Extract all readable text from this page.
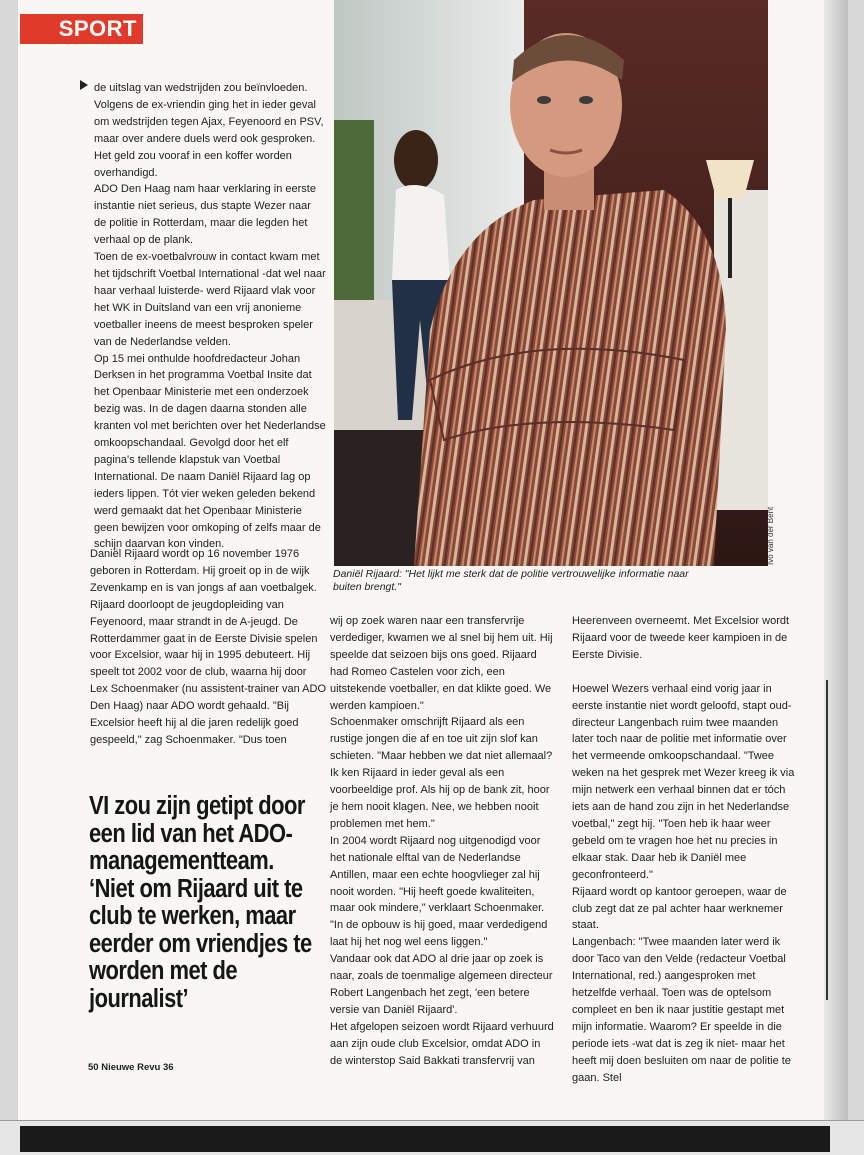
SPORT

de uitslag van wedstrijden zou beïnvloeden. Volgens de ex-vriendin ging het in ieder geval om wedstrijden tegen Ajax, Feyenoord en PSV, maar over andere duels werd ook gesproken. Het geld zou vooraf in een koffer worden overhandigd.

ADO Den Haag nam haar verklaring in eerste instantie niet serieus, dus stapte Wezer naar de politie in Rotterdam, maar die legden het verhaal op de plank.

Toen de ex-voetbalvrouw in contact kwam met het tijdschrift Voetbal International -dat wel naar haar verhaal luisterde- werd Rijaard vlak voor het WK in Duitsland van een vrij anonieme voetballer ineens de meest besproken speler van de Nederlandse velden.

Op 15 mei onthulde hoofdredacteur Johan Derksen in het programma Voetbal Insite dat het Openbaar Ministerie met een onderzoek bezig was. In de dagen daarna stonden alle kranten vol met berichten over het Nederlandse omkoopschandaal. Gevolgd door het elf pagina's tellende klapstuk van Voetbal International. De naam Daniël Rijaard lag op ieders lippen. Tót vier weken geleden bekend werd gemaakt dat het Openbaar Ministerie geen bewijzen voor omkoping of zelfs maar de schijn daarvan kon vinden.

Daniël Rijaard wordt op 16 november 1976 geboren in Rotterdam. Hij groeit op in de wijk Zevenkamp en is van jongs af aan voetbalgek. Rijaard doorloopt de jeugdopleiding van Feyenoord, maar strandt in de A-jeugd. De Rotterdammer gaat in de Eerste Divisie spelen voor Excelsior, waar hij in 1995 debuteert. Hij speelt tot 2002 voor de club, waarna hij door Lex Schoenmaker (nu assistent-trainer van ADO Den Haag) naar ADO wordt gehaald. "Bij Excelsior heeft hij al die jaren redelijk goed gespeeld," zag Schoenmaker. "Dus toen

Daniël Rijaard: "Het lijkt me sterk dat de politie vertrouwelijke informatie naar buiten brengt."

wij op zoek waren naar een transfervrije verdediger, kwamen we al snel bij hem uit. Hij speelde dat seizoen bijs ons goed. Rijaard had Romeo Castelen voor zich, een uitstekende voetballer, en dat klikte goed. We werden kampioen."

Schoenmaker omschrijft Rijaard als een rustige jongen die af en toe uit zijn slof kan schieten. "Maar hebben we dat niet allemaal? Ik ken Rijaard in ieder geval als een voorbeeldige prof. Als hij op de bank zit, hoor je hem nooit klagen. Nee, we hebben nooit problemen met hem."

In 2004 wordt Rijaard nog uitgenodigd voor het nationale elftal van de Nederlandse Antillen, maar een echte hoogvlieger zal hij nooit worden. "Hij heeft goede kwaliteiten, maar ook mindere," verklaart Schoenmaker. "In de opbouw is hij goed, maar verdedigend laat hij het nog wel eens liggen."

Vandaar ook dat ADO al drie jaar op zoek is naar, zoals de toenmalige algemeen directeur Robert Langenbach het zegt, 'een betere versie van Daniël Rijaard'.

Het afgelopen seizoen wordt Rijaard verhuurd aan zijn oude club Excelsior, omdat ADO in de winterstop Said Bakkati transfervrij van

Heerenveen overneemt. Met Excelsior wordt Rijaard voor de tweede keer kampioen in de Eerste Divisie.

Hoewel Wezers verhaal eind vorig jaar in eerste instantie niet wordt geloofd, stapt oud-directeur Langenbach ruim twee maanden later toch naar de politie met informatie over het vermeende omkoopschandaal. "Twee weken na het gesprek met Wezer kreeg ik via mijn netwerk een verhaal binnen dat er tóch iets aan de hand zou zijn in het Nederlandse voetbal," zegt hij. "Toen heb ik haar weer gebeld om te vragen hoe het nu precies in elkaar stak. Daar heb ik Daniël mee geconfronteerd."

Rijaard wordt op kantoor geroepen, waar de club zegt dat ze pal achter haar werknemer staat.

Langenbach: "Twee maanden later werd ik door Taco van den Velde (redacteur Voetbal International, red.) aangesproken met hetzelfde verhaal. Toen was de optelsom compleet en ben ik naar justitie gestapt met mijn informatie. Waarom? Er speelde in die periode iets -wat dat is zeg ik niet- maar het heeft mij doen besluiten om naar de politie te gaan. Stel

VI zou zijn getipt door een lid van het ADO-managementteam. ‘Niet om Rijaard uit te club te werken, maar eerder om vriendjes te worden met de journalist’
50 Nieuwe Revu 36
